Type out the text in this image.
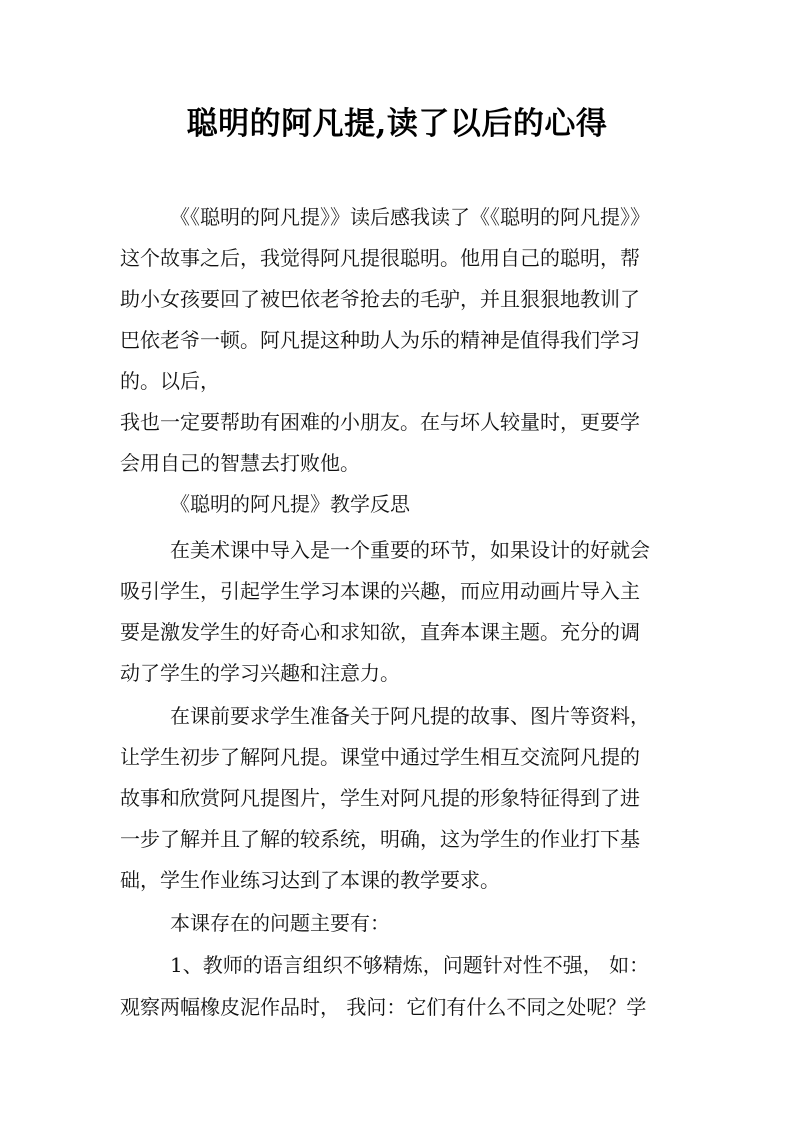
聪明的阿凡提,读了以后的心得
《《聪明的阿凡提》》读后感我读了《《聪明的阿凡提》》
这个故事之后，我觉得阿凡提很聪明。他用自己的聪明，帮
助小女孩要回了被巴依老爷抢去的毛驴，并且狠狠地教训了
巴依老爷一顿。阿凡提这种助人为乐的精神是值得我们学习
的。以后，
我也一定要帮助有困难的小朋友。在与坏人较量时，更要学
会用自己的智慧去打败他。
《聪明的阿凡提》教学反思
在美术课中导入是一个重要的环节，如果设计的好就会
吸引学生，引起学生学习本课的兴趣，而应用动画片导入主
要是激发学生的好奇心和求知欲，直奔本课主题。充分的调
动了学生的学习兴趣和注意力。
在课前要求学生准备关于阿凡提的故事、图片等资料，
让学生初步了解阿凡提。课堂中通过学生相互交流阿凡提的
故事和欣赏阿凡提图片，学生对阿凡提的形象特征得到了进
一步了解并且了解的较系统，明确，这为学生的作业打下基
础，学生作业练习达到了本课的教学要求。
本课存在的问题主要有：
1、教师的语言组织不够精炼，问题针对性不强， 如：
观察两幅橡皮泥作品时， 我问：它们有什么不同之处呢？学
